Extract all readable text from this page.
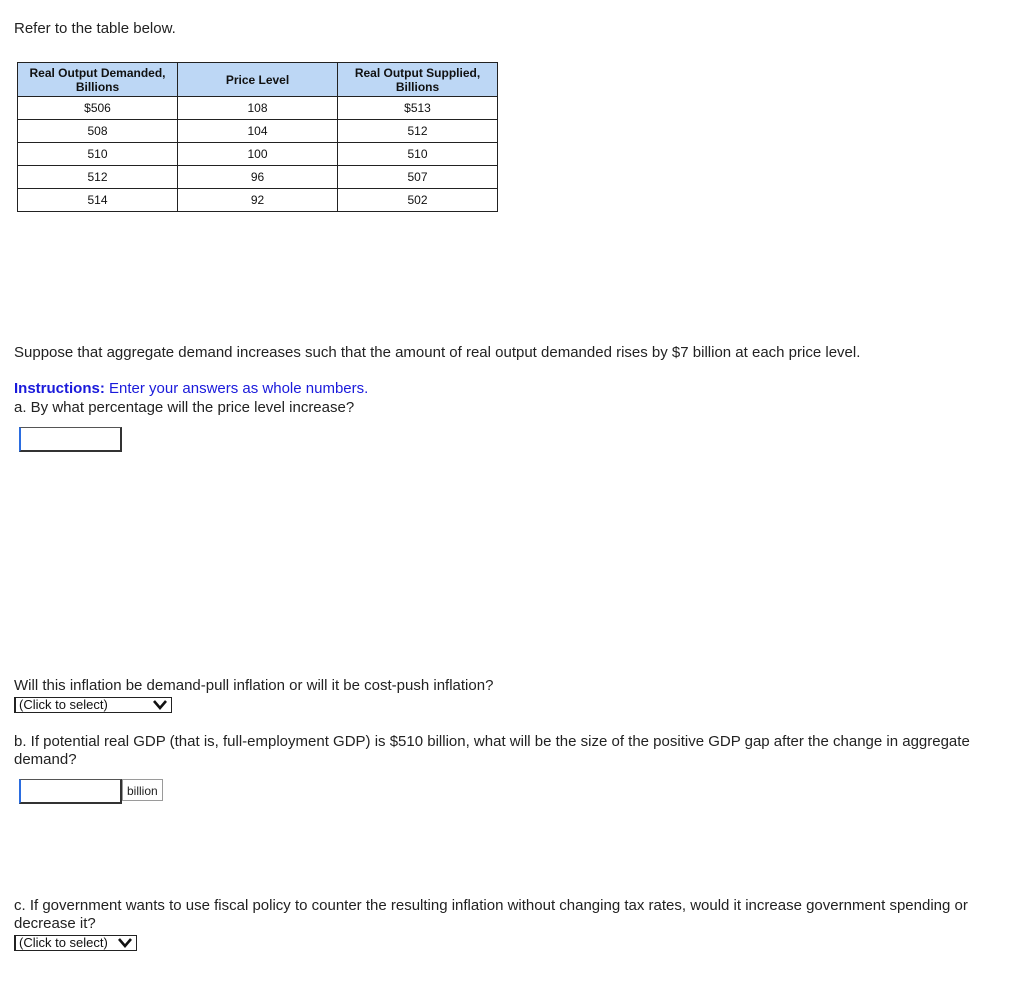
Refer to the table below.
Real Output Demanded, Billions	Price Level	Real Output Supplied, Billions
$506	108	$513
508	104	512
510	100	510
512	96	507
514	92	502
Suppose that aggregate demand increases such that the amount of real output demanded rises by $7 billion at each price level.
Instructions: Enter your answers as whole numbers.
a. By what percentage will the price level increase?
Will this inflation be demand-pull inflation or will it be cost-push inflation?
(Click to select)
b. If potential real GDP (that is, full-employment GDP) is $510 billion, what will be the size of the positive GDP gap after the change in aggregate demand?
billion
c. If government wants to use fiscal policy to counter the resulting inflation without changing tax rates, would it increase government spending or decrease it?
(Click to select)
